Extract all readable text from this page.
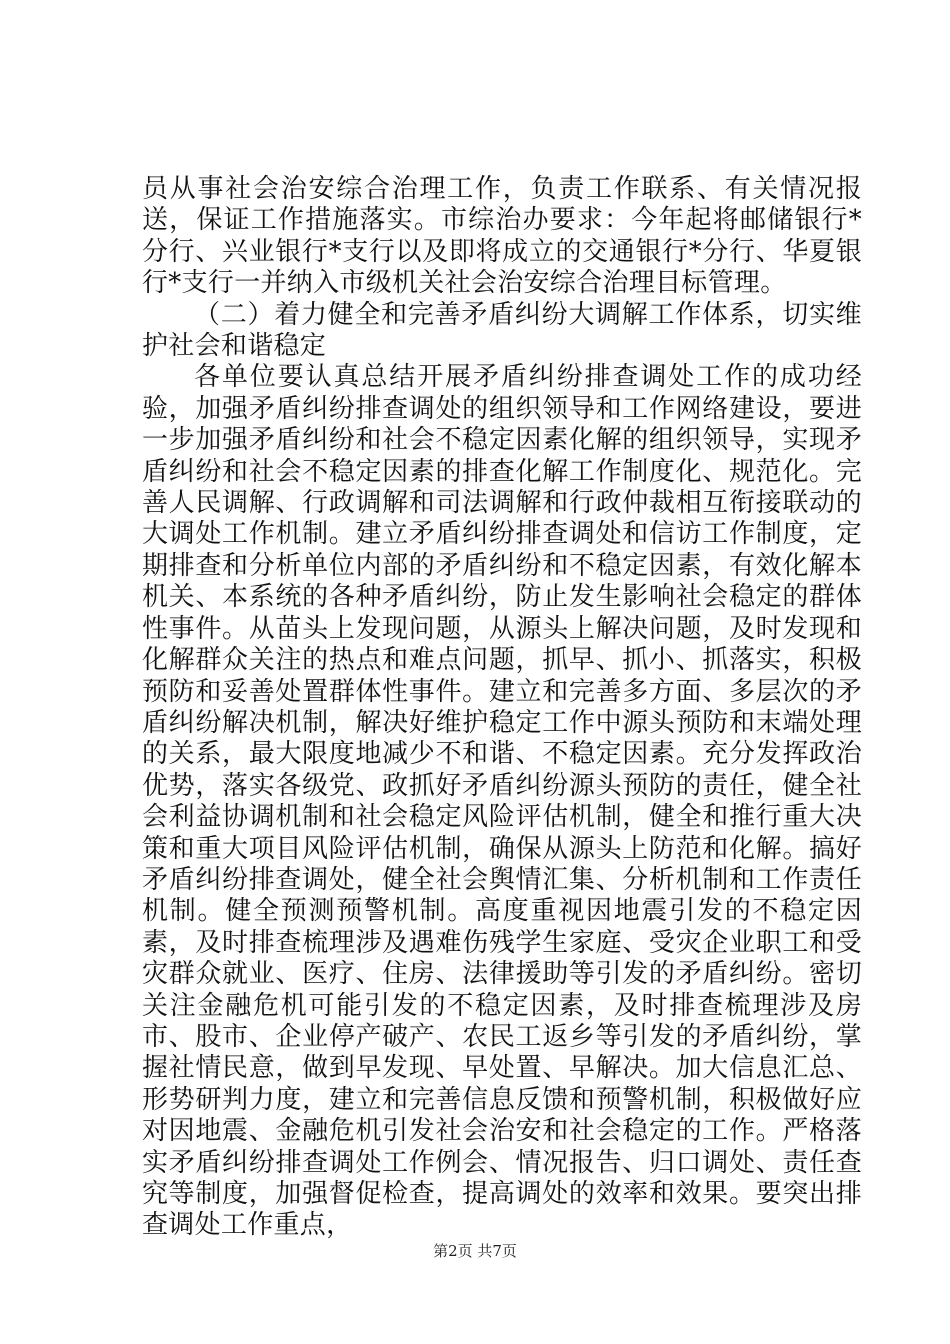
员从事社会治安综合治理工作，负责工作联系、有关情况报送，保证工作措施落实。市综治办要求：今年起将邮储银行*分行、兴业银行*支行以及即将成立的交通银行*分行、华夏银行*支行一并纳入市级机关社会治安综合治理目标管理。

（二）着力健全和完善矛盾纠纷大调解工作体系，切实维护社会和谐稳定

各单位要认真总结开展矛盾纠纷排查调处工作的成功经验，加强矛盾纠纷排查调处的组织领导和工作网络建设，要进一步加强矛盾纠纷和社会不稳定因素化解的组织领导，实现矛盾纠纷和社会不稳定因素的排查化解工作制度化、规范化。完善人民调解、行政调解和司法调解和行政仲裁相互衔接联动的大调处工作机制。建立矛盾纠纷排查调处和信访工作制度，定期排查和分析单位内部的矛盾纠纷和不稳定因素，有效化解本机关、本系统的各种矛盾纠纷，防止发生影响社会稳定的群体性事件。从苗头上发现问题，从源头上解决问题，及时发现和化解群众关注的热点和难点问题，抓早、抓小、抓落实，积极预防和妥善处置群体性事件。建立和完善多方面、多层次的矛盾纠纷解决机制，解决好维护稳定工作中源头预防和末端处理的关系，最大限度地减少不和谐、不稳定因素。充分发挥政治优势，落实各级党、政抓好矛盾纠纷源头预防的责任，健全社会利益协调机制和社会稳定风险评估机制，健全和推行重大决策和重大项目风险评估机制，确保从源头上防范和化解。搞好矛盾纠纷排查调处，健全社会舆情汇集、分析机制和工作责任机制。健全预测预警机制。高度重视因地震引发的不稳定因素，及时排查梳理涉及遇难伤残学生家庭、受灾企业职工和受灾群众就业、医疗、住房、法律援助等引发的矛盾纠纷。密切关注金融危机可能引发的不稳定因素，及时排查梳理涉及房市、股市、企业停产破产、农民工返乡等引发的矛盾纠纷，掌握社情民意，做到早发现、早处置、早解决。加大信息汇总、形势研判力度，建立和完善信息反馈和预警机制，积极做好应对因地震、金融危机引发社会治安和社会稳定的工作。严格落实矛盾纠纷排查调处工作例会、情况报告、归口调处、责任查究等制度，加强督促检查，提高调处的效率和效果。要突出排查调处工作重点，

第2页 共7页
